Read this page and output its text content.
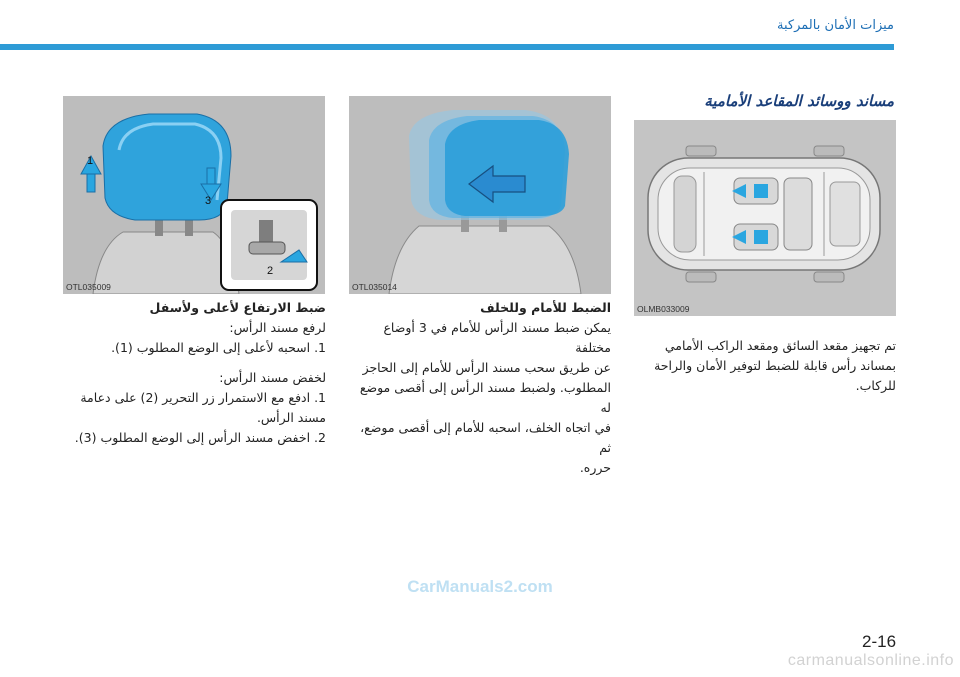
ميزات الأمان بالمركبة
مساند ووسائد المقاعد الأمامية
OLMB033009
OTL035014
1
3
2
OTL035009

تم تجهيز مقعد السائق ومقعد الراكب الأمامي

بمساند رأس قابلة للضبط لتوفير الأمان والراحة

للركاب.

الضبط للأمام وللخلف

يمكن ضبط مسند الرأس للأمام في 3 أوضاع مختلفة

عن طريق سحب مسند الرأس للأمام إلى الحاجز

المطلوب. ولضبط مسند الرأس إلى أقصى موضع له

في اتجاه الخلف، اسحبه للأمام إلى أقصى موضع، ثم

حرره.

ضبط الارتفاع لأعلى ولأسفل

لرفع مسند الرأس:

1. اسحبه لأعلى إلى الوضع المطلوب (1).

لخفض مسند الرأس:

1. ادفع مع الاستمرار زر التحرير (2) على دعامة

مسند الرأس.

2. اخفض مسند الرأس إلى الوضع المطلوب (3).

CarManuals2.com
2-16
carmanualsonline.info
